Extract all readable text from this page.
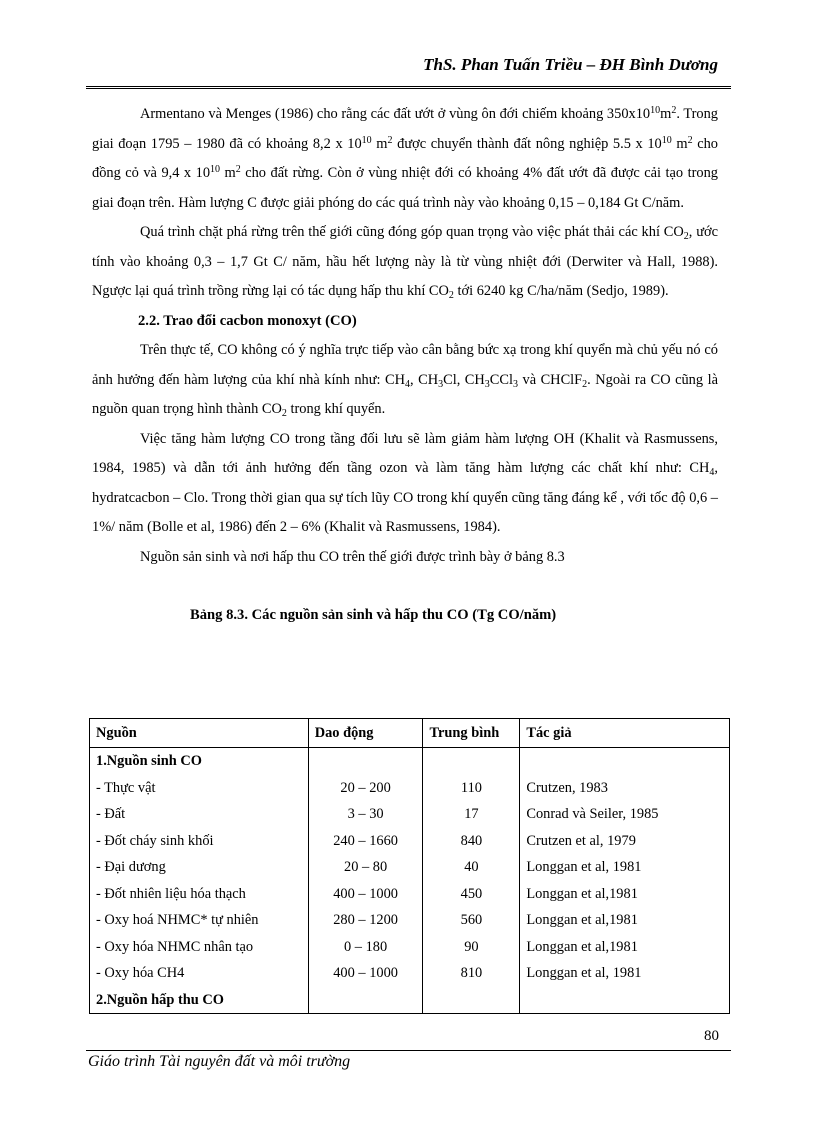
ThS. Phan Tuấn Triều – ĐH Bình Dương

Armentano và Menges (1986) cho rằng các đất ướt ở vùng ôn đới chiếm khoảng $350x10^{10}m^2$. Trong giai đoạn 1795 – 1980 đã có khoảng 8,2 x $10^{10}$ $m^2$ được chuyển thành đất nông nghiệp 5.5 x $10^{10}$ $m^2$ cho đồng cỏ và 9,4 x $10^{10}$ $m^2$ cho đất rừng. Còn ở vùng nhiệt đới có khoảng 4% đất ướt đã được cải tạo trong giai đoạn trên. Hàm lượng C được giải phóng do các quá trình này vào khoảng 0,15 – 0,184 Gt C/năm.

Quá trình chặt phá rừng trên thế giới cũng đóng góp quan trọng vào việc phát thải các khí $CO_2$, ước tính vào khoảng 0,3 – 1,7 Gt C/ năm, hầu hết lượng này là từ vùng nhiệt đới (Derwiter và Hall, 1988). Ngược lại quá trình trồng rừng lại có tác dụng hấp thu khí $CO_2$ tới 6240 kg C/ha/năm (Sedjo, 1989).

2.2. Trao đổi cacbon monoxyt (CO)

Trên thực tế, CO không có ý nghĩa trực tiếp vào cân bằng bức xạ trong khí quyển mà chủ yếu nó có ảnh hưởng đến hàm lượng của khí nhà kính như: $CH_4$, $CH_3Cl$, $CH_3CCl_3$ và CHClF$_2$. Ngoài ra CO cũng là nguồn quan trọng hình thành $CO_2$ trong khí quyển.

Việc tăng hàm lượng CO trong tầng đối lưu sẽ làm giảm hàm lượng OH (Khalit và Rasmussens, 1984, 1985) và dẫn tới ảnh hưởng đến tầng ozon và làm tăng hàm lượng các chất khí như: $CH_4$, hydratcacbon – Clo. Trong thời gian qua sự tích lũy CO trong khí quyển cũng tăng đáng kể , với tốc độ 0,6 – 1%/ năm (Bolle et al, 1986) đến 2 – 6% (Khalit và Rasmussens, 1984).

Nguồn sản sinh và nơi hấp thu CO trên thế giới được trình bày ở bảng 8.3

Bảng 8.3. Các nguồn sản sinh và hấp thu CO (Tg CO/năm)

Nguồn	Dao động	Trung bình	Tác giả
1.Nguồn sinh CO			
- Thực vật	20 – 200	110	Crutzen, 1983
- Đất	3 – 30	17	Conrad và Seiler, 1985
- Đốt cháy sinh khối	240 – 1660	840	Crutzen et al, 1979
- Đại dương	20 – 80	40	Longgan et al, 1981
- Đốt nhiên liệu hóa thạch	400 – 1000	450	Longgan et al,1981
- Oxy hoá NHMC* tự nhiên	280 – 1200	560	Longgan et al,1981
- Oxy hóa NHMC nhân tạo	0 – 180	90	Longgan et al,1981
- Oxy hóa CH4	400 – 1000	810	Longgan et al, 1981
2.Nguồn hấp thu CO			
80
Giáo trình Tài nguyên đất và môi trường
